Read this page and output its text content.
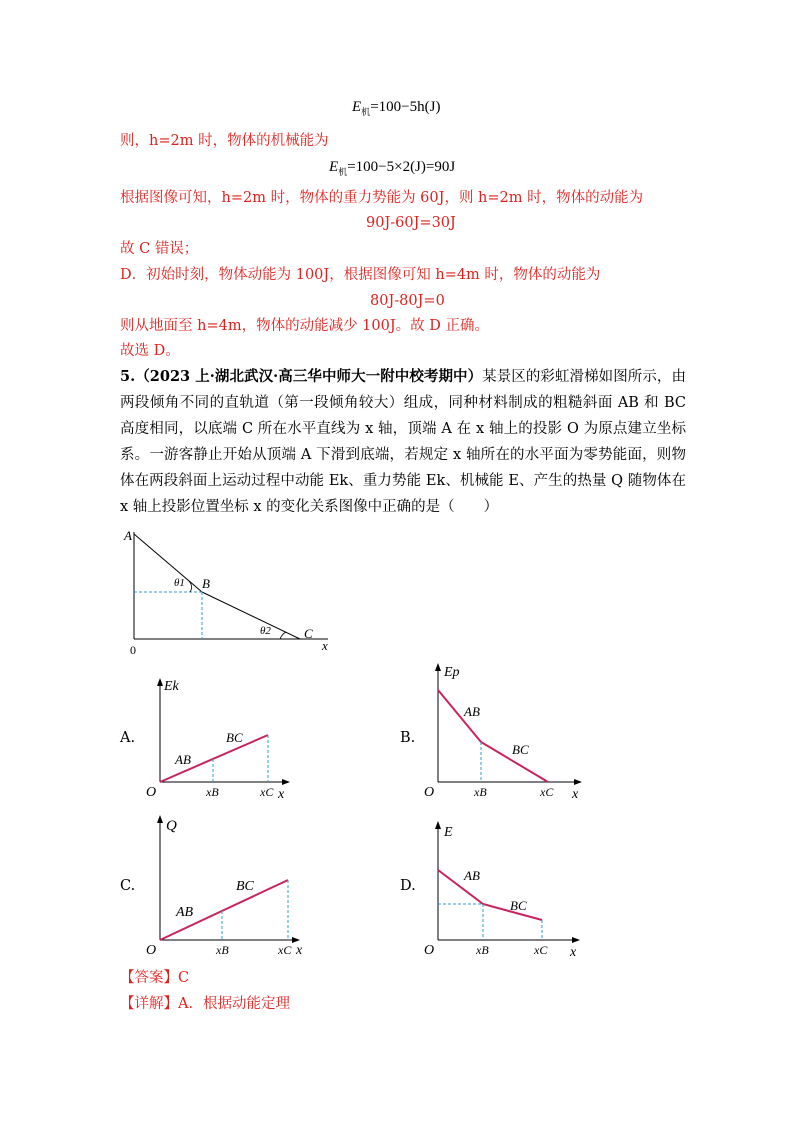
$E_机=100-5h(J)$
则，h=2m 时，物体的机械能为
$E_机=100-5\times 2(J)=90J$
根据图像可知，h=2m 时，物体的重力势能为 60J，则 h=2m 时，物体的动能为
90J-60J=30J
故 C 错误；
D．初始时刻，物体动能为 100J，根据图像可知 h=4m 时，物体的动能为
80J-80J=0
则从地面至 h=4m，物体的动能减少 100J。故 D 正确。
故选 D。
5.（2023 上·湖北武汉·高三华中师大一附中校考期中）某景区的彩虹滑梯如图所示，由两段倾角不同的直轨道（第一段倾角较大）组成，同种材料制成的粗糙斜面 AB 和 BC 高度相同，以底端 C 所在水平直线为 x 轴，顶端 A 在 x 轴上的投影 O 为原点建立坐标系。一游客静止开始从顶端 A 下滑到底端，若规定 x 轴所在的水平面为零势能面，则物体在两段斜面上运动过程中动能 Ek、重力势能 Ek、机械能 E、产生的热量 Q 随物体在 x 轴上投影位置坐标 x 的变化关系图像中正确的是（　　）
A
B
C
θ1
θ2
0	x
A.
Ek
AB
BC
O	xB	xC x
B.
Ep
AB
BC
O	xB	xC x
C.
Q
AB
BC
O	xB	xC x
D.
E
AB
BC
O	xB	xC x
【答案】C
【详解】A．根据动能定理
